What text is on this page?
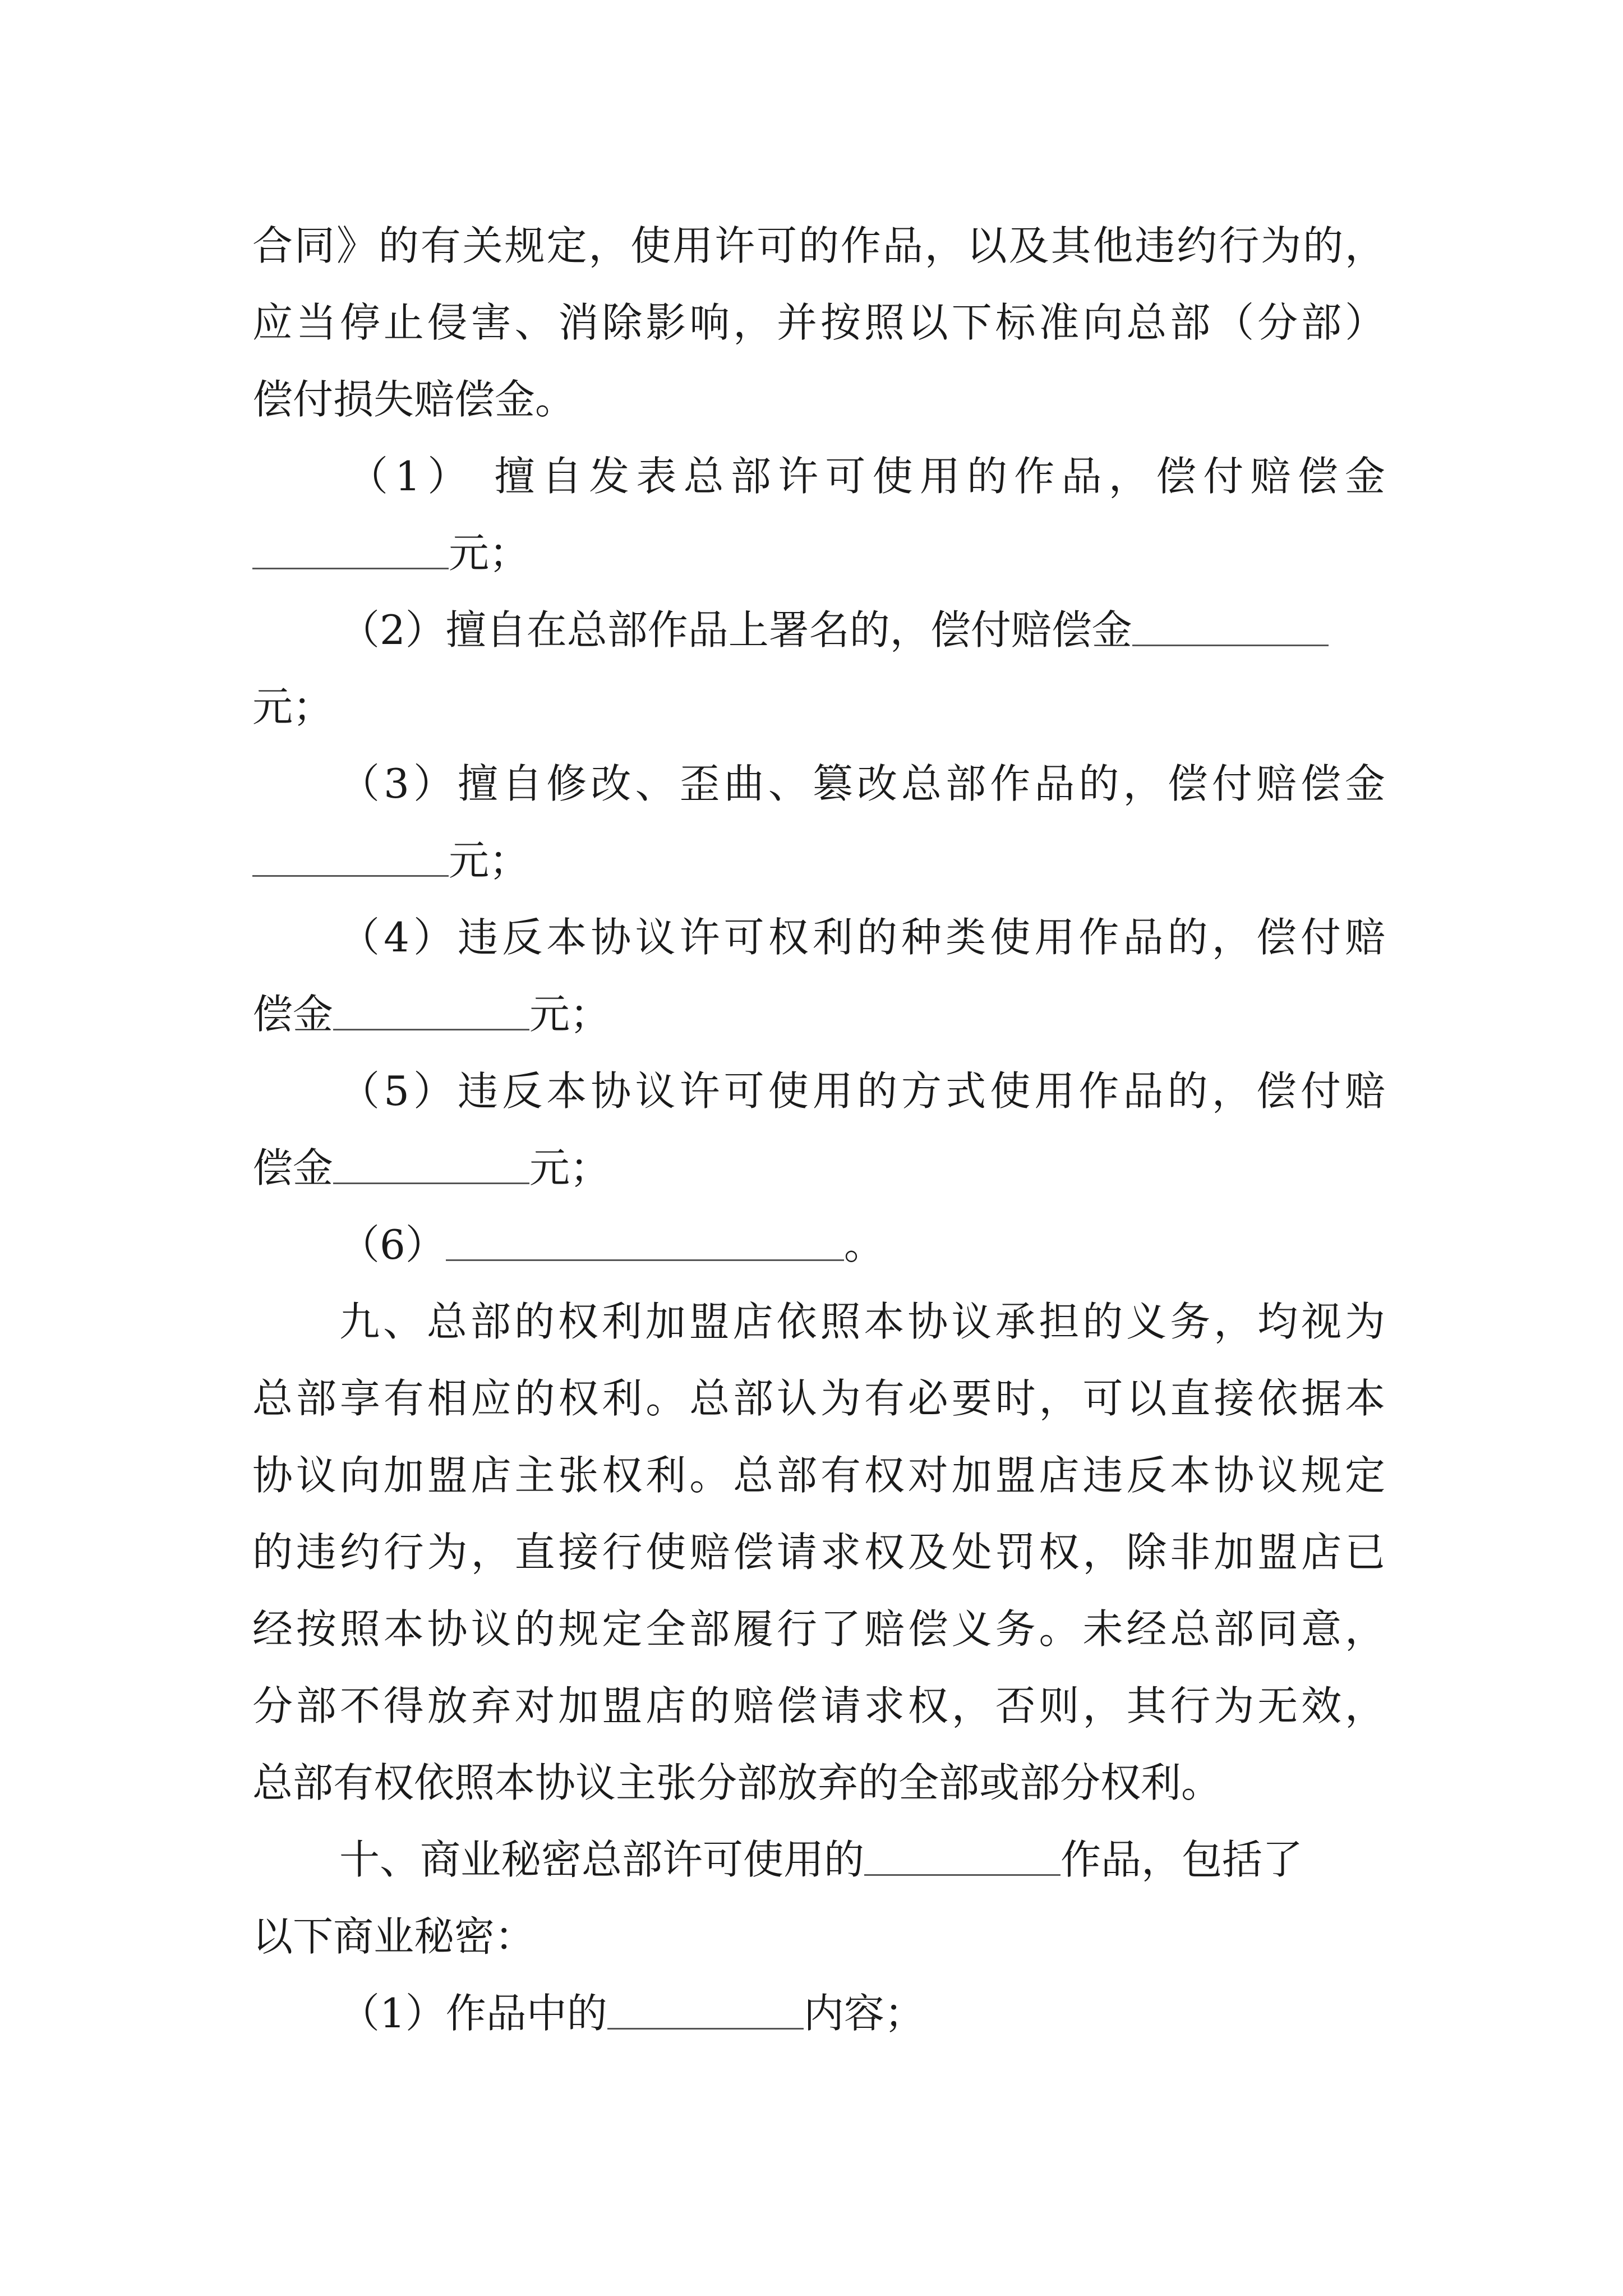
合同》的有关规定，使用许可的作品，以及其他违约行为的，
应当停止侵害、消除影响，并按照以下标准向总部（分部）
偿付损失赔偿金。
（1） 擅自发表总部许可使用的作品，偿付赔偿金
元；
（2）擅自在总部作品上署名的，偿付赔偿金
元；
（3）擅自修改、歪曲、篡改总部作品的，偿付赔偿金
元；
（4）违反本协议许可权利的种类使用作品的，偿付赔
偿金	元；
（5）违反本协议许可使用的方式使用作品的，偿付赔
偿金	元；
（6）	。
九、总部的权利加盟店依照本协议承担的义务，均视为
总部享有相应的权利。总部认为有必要时，可以直接依据本
协议向加盟店主张权利。总部有权对加盟店违反本协议规定
的违约行为，直接行使赔偿请求权及处罚权，除非加盟店已
经按照本协议的规定全部履行了赔偿义务。未经总部同意，
分部不得放弃对加盟店的赔偿请求权，否则，其行为无效，
总部有权依照本协议主张分部放弃的全部或部分权利。
十、商业秘密总部许可使用的	作品，包括了
以下商业秘密：
（1）作品中的	内容；
